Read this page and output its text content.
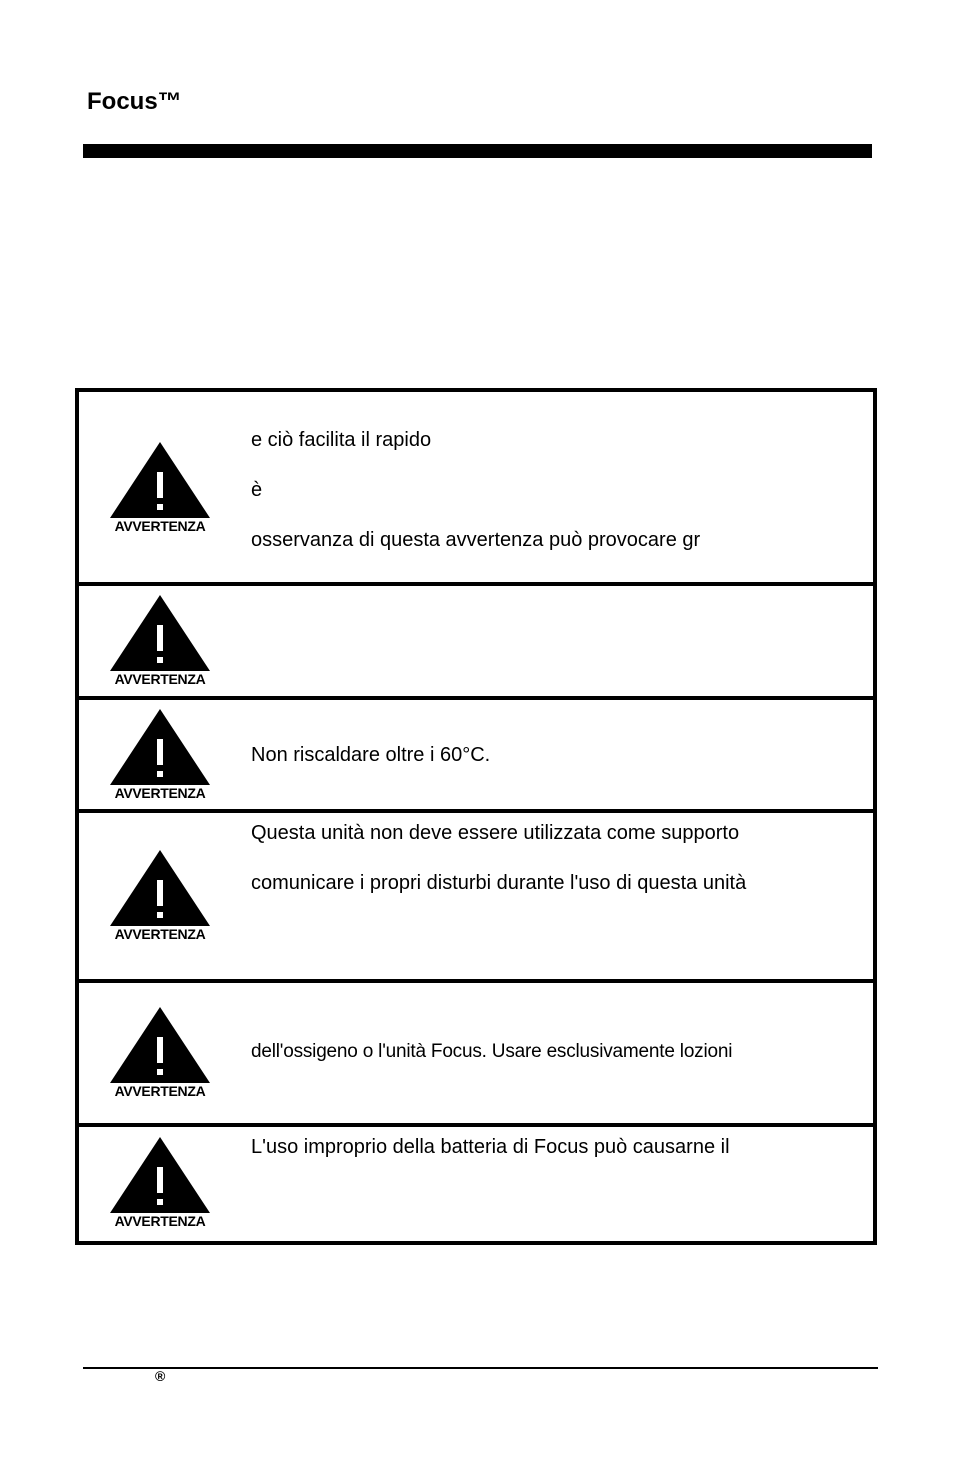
Focus™
AVVERTENZA
e ciò facilita il rapido
è
osservanza di questa avvertenza può provocare gr
AVVERTENZA
AVVERTENZA
Non riscaldare oltre i 60°C.
AVVERTENZA
Questa unità non deve essere utilizzata come supporto
comunicare i propri disturbi durante l'uso di questa unità
AVVERTENZA
dell'ossigeno o l'unità Focus. Usare esclusivamente lozioni
AVVERTENZA
L'uso improprio della batteria di Focus può causarne il
®
